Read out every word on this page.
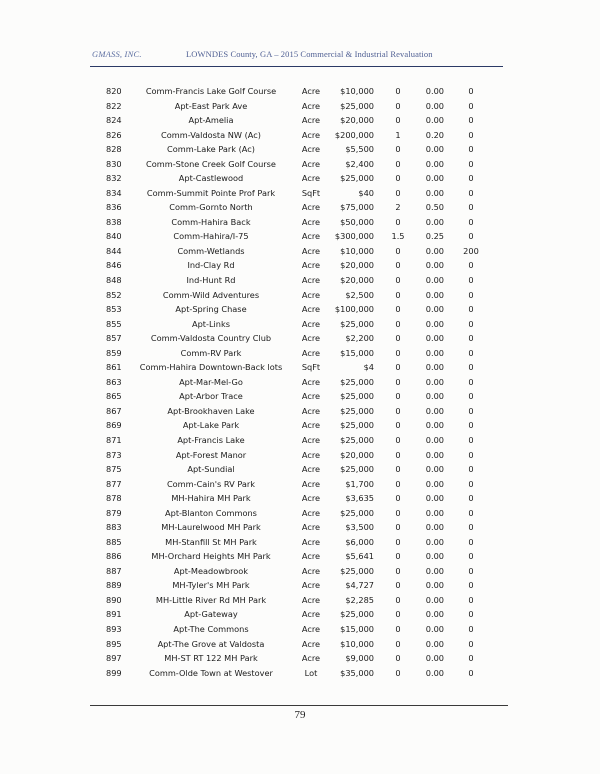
GMASS, INC.	LOWNDES County, GA – 2015 Commercial & Industrial Revaluation
820	Comm-Francis Lake Golf Course	Acre	$10,000	0	0.00	0
822	Apt-East Park Ave	Acre	$25,000	0	0.00	0
824	Apt-Amelia	Acre	$20,000	0	0.00	0
826	Comm-Valdosta NW (Ac)	Acre	$200,000	1	0.20	0
828	Comm-Lake Park (Ac)	Acre	$5,500	0	0.00	0
830	Comm-Stone Creek Golf Course	Acre	$2,400	0	0.00	0
832	Apt-Castlewood	Acre	$25,000	0	0.00	0
834	Comm-Summit Pointe Prof Park	SqFt	$40	0	0.00	0
836	Comm-Gornto North	Acre	$75,000	2	0.50	0
838	Comm-Hahira Back	Acre	$50,000	0	0.00	0
840	Comm-Hahira/I-75	Acre	$300,000	1.5	0.25	0
844	Comm-Wetlands	Acre	$10,000	0	0.00	200
846	Ind-Clay Rd	Acre	$20,000	0	0.00	0
848	Ind-Hunt Rd	Acre	$20,000	0	0.00	0
852	Comm-Wild Adventures	Acre	$2,500	0	0.00	0
853	Apt-Spring Chase	Acre	$100,000	0	0.00	0
855	Apt-Links	Acre	$25,000	0	0.00	0
857	Comm-Valdosta Country Club	Acre	$2,200	0	0.00	0
859	Comm-RV Park	Acre	$15,000	0	0.00	0
861	Comm-Hahira Downtown-Back lots	SqFt	$4	0	0.00	0
863	Apt-Mar-Mel-Go	Acre	$25,000	0	0.00	0
865	Apt-Arbor Trace	Acre	$25,000	0	0.00	0
867	Apt-Brookhaven Lake	Acre	$25,000	0	0.00	0
869	Apt-Lake Park	Acre	$25,000	0	0.00	0
871	Apt-Francis Lake	Acre	$25,000	0	0.00	0
873	Apt-Forest Manor	Acre	$20,000	0	0.00	0
875	Apt-Sundial	Acre	$25,000	0	0.00	0
877	Comm-Cain's RV Park	Acre	$1,700	0	0.00	0
878	MH-Hahira MH Park	Acre	$3,635	0	0.00	0
879	Apt-Blanton Commons	Acre	$25,000	0	0.00	0
883	MH-Laurelwood MH Park	Acre	$3,500	0	0.00	0
885	MH-Stanfill St MH Park	Acre	$6,000	0	0.00	0
886	MH-Orchard Heights MH Park	Acre	$5,641	0	0.00	0
887	Apt-Meadowbrook	Acre	$25,000	0	0.00	0
889	MH-Tyler's MH Park	Acre	$4,727	0	0.00	0
890	MH-Little River Rd MH Park	Acre	$2,285	0	0.00	0
891	Apt-Gateway	Acre	$25,000	0	0.00	0
893	Apt-The Commons	Acre	$15,000	0	0.00	0
895	Apt-The Grove at Valdosta	Acre	$10,000	0	0.00	0
897	MH-ST RT 122 MH Park	Acre	$9,000	0	0.00	0
899	Comm-Olde Town at Westover	Lot	$35,000	0	0.00	0
79
